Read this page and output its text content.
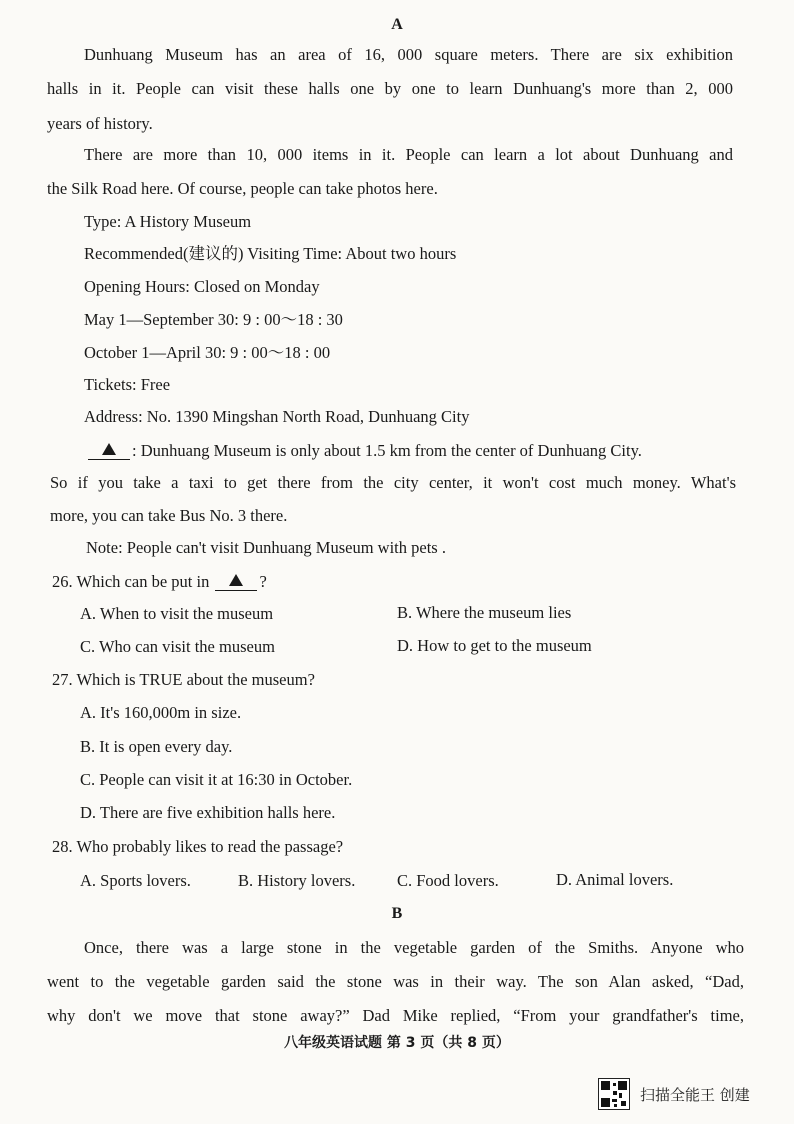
A
Dunhuang Museum has an area of 16, 000 square meters. There are six exhibition
halls in it. People can visit these halls one by one to learn Dunhuang's more than 2, 000
years of history.
There are more than 10, 000 items in it. People can learn a lot about Dunhuang and
the Silk Road here. Of course, people can take photos here.
Type: A History Museum
Recommended(建议的) Visiting Time: About two hours
Opening Hours: Closed on Monday
May 1—September 30: 9 : 00～18 : 30
October 1—April 30: 9 : 00～18 : 00
Tickets: Free
Address: No. 1390 Mingshan North Road, Dunhuang City
: Dunhuang Museum is only about 1.5 km from the center of Dunhuang City.
So if you take a taxi to get there from the city center, it won't cost much money. What's
more, you can take Bus No. 3 there.
Note: People can't visit Dunhuang Museum with pets .
26. Which can be put in	?
A. When to visit the museum	B. Where the museum lies
C. Who can visit the museum	D. How to get to the museum
27. Which is TRUE about the museum?
A. It's 160,000m in size.
B. It is open every day.
C. People can visit it at 16:30 in October.
D. There are five exhibition halls here.
28. Who probably likes to read the passage?
A. Sports lovers.	B. History lovers.	C. Food lovers.	D. Animal lovers.
B
Once, there was a large stone in the vegetable garden of the Smiths. Anyone who
went to the vegetable garden said the stone was in their way. The son Alan asked, “Dad,
why don't we move that stone away?” Dad Mike replied, “From your grandfather's time,
八年级英语试题 第 3 页（共 8 页）
扫描全能王 创建
